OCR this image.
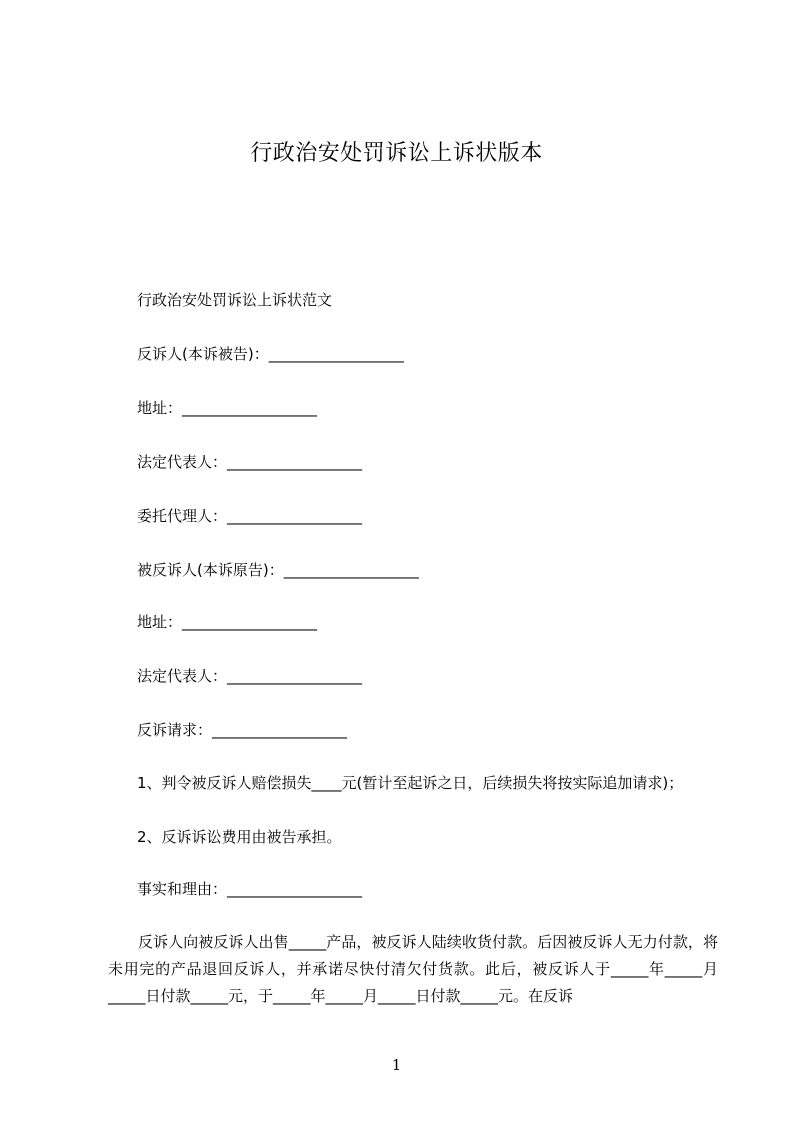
行政治安处罚诉讼上诉状版本
行政治安处罚诉讼上诉状范文
反诉人(本诉被告)：__________________
地址：__________________
法定代表人：__________________
委托代理人：__________________
被反诉人(本诉原告)：__________________
地址：__________________
法定代表人：__________________
反诉请求：__________________
1、判令被反诉人赔偿损失____元(暂计至起诉之日，后续损失将按实际追加请求)；
2、反诉诉讼费用由被告承担。
事实和理由：__________________
反诉人向被反诉人出售_____产品，被反诉人陆续收货付款。后因被反诉人无力付款，将未用完的产品退回反诉人，并承诺尽快付清欠付货款。此后，被反诉人于_____年_____月_____日付款_____元，于_____年_____月_____日付款_____元。在反诉
1
